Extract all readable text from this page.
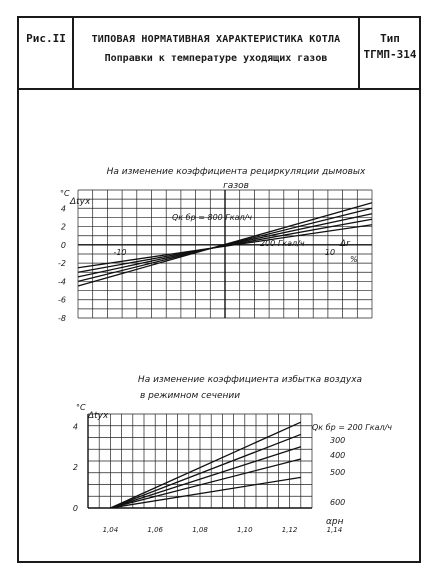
Рис.II	ТИПОВАЯ НОРМАТИВНАЯ ХАРАКТЕРИСТИКА КОТЛА
Поправки к температуре уходящих газов
Тип
ТГМП-314
На изменение коэффициента рециркуляции дымовых
газов
4
2
0
-2
-4
-6
-8
-10	10
°C
Δtух
Δr
%
Qк бр = 800 Гкал/ч
200 Гкал/ч
На изменение коэффициента избытка воздуха
в режимном сечении
4
2
0
1,04	1,06	1,08	1,10	1,12	1,14
°C
Δtух
αрн
Qк бр = 200 Гкал/ч
300
400
500
600
